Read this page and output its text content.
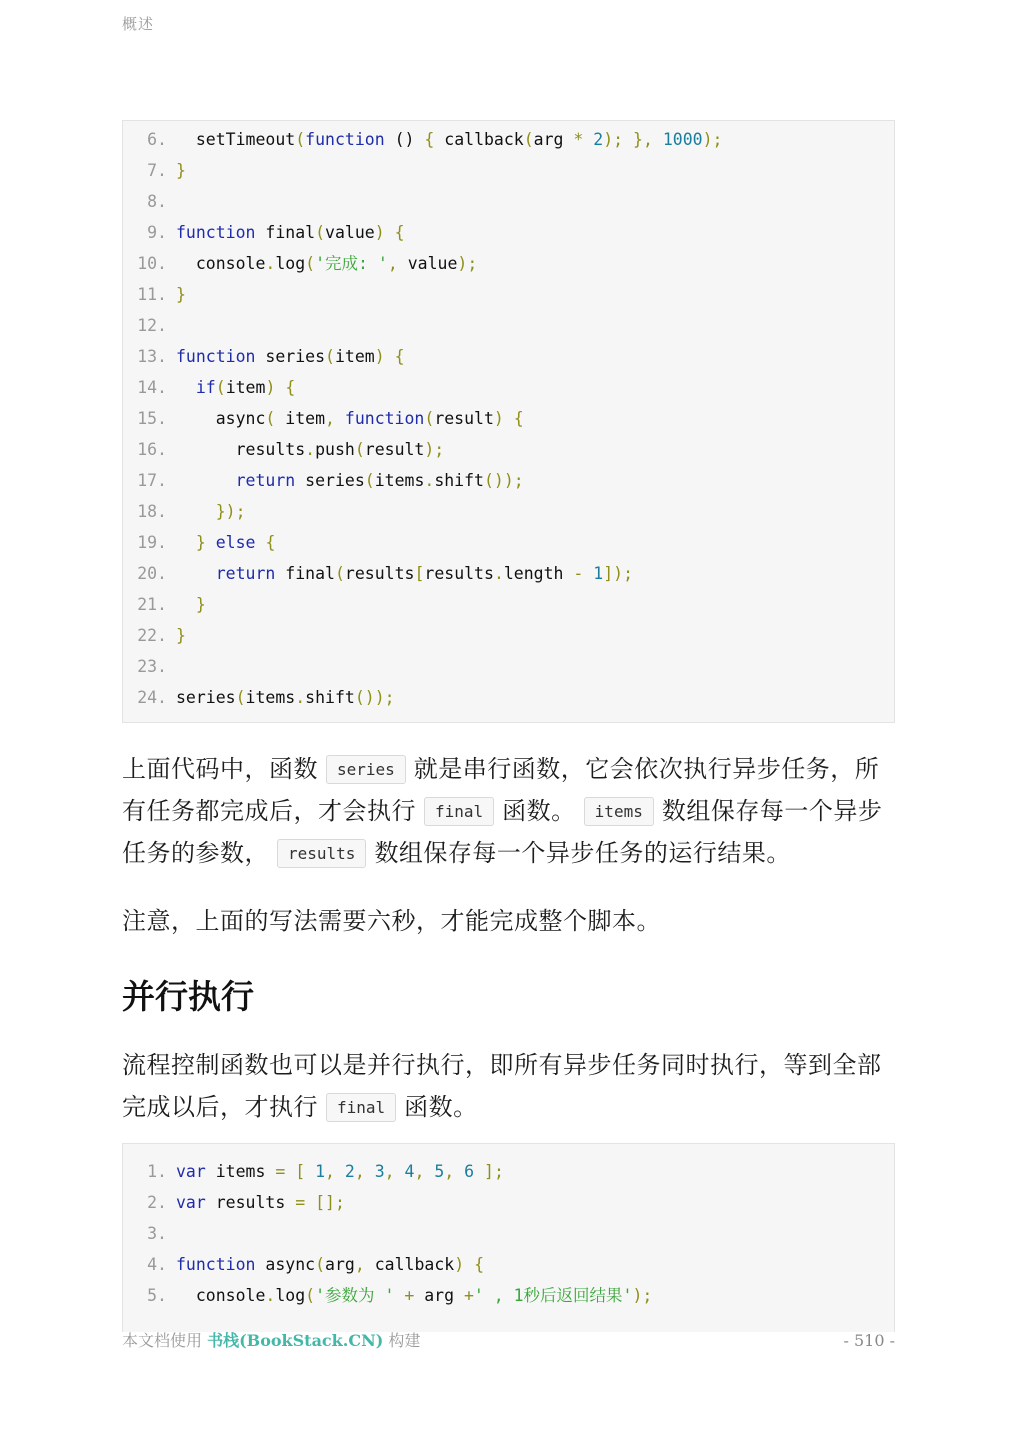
概述
6. setTimeout(function () { callback(arg * 2); }, 1000);
7. }
8.
9. function final(value) {
10. console.log('完成: ', value);
11. }
12.
13. function series(item) {
14.	if(item) {
15. async( item, function(result) {
16. results.push(result);
17.	return series(items.shift());
18.	});
19.	} else {
20.	return final(results[results.length - 1]);
21.	}
22. }
23.
24. series(items.shift());

上面代码中，函数 series 就是串行函数，它会依次执行异步任务，所有任务都完成后，才会执行 final 函数。 items 数组保存每一个异步任务的参数， results 数组保存每一个异步任务的运行结果。

注意，上面的写法需要六秒，才能完成整个脚本。

并行执行

流程控制函数也可以是并行执行，即所有异步任务同时执行，等到全部完成以后，才执行 final 函数。

1. var items = [ 1, 2, 3, 4, 5, 6 ];
2. var results = [];
3.
4. function async(arg, callback) {
5. console.log('参数为 ' + arg +' , 1秒后返回结果');
本文档使用 书栈(BookStack.CN) 构建	- 510 -
